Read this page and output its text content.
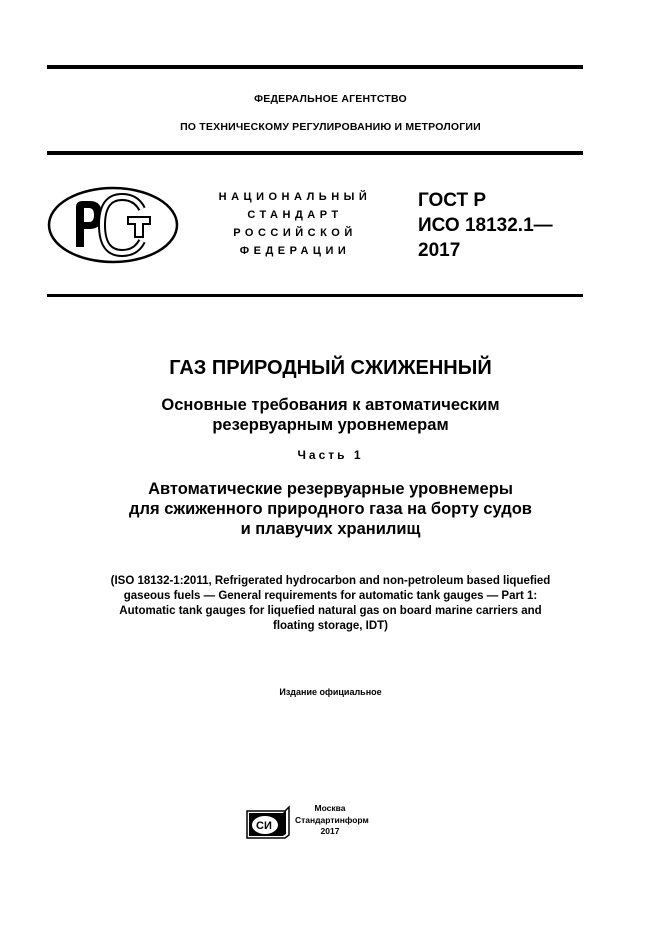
ФЕДЕРАЛЬНОЕ АГЕНТСТВО
ПО ТЕХНИЧЕСКОМУ РЕГУЛИРОВАНИЮ И МЕТРОЛОГИИ
НАЦИОНАЛЬНЫЙ
СТАНДАРТ
РОССИЙСКОЙ
ФЕДЕРАЦИИ
ГОСТ Р
ИСО 18132.1—
2017
ГАЗ ПРИРОДНЫЙ СЖИЖЕННЫЙ
Основные требования к автоматическим
резервуарным уровнемерам
Часть 1
Автоматические резервуарные уровнемеры
для сжиженного природного газа на борту судов
и плавучих хранилищ
(ISO 18132-1:2011, Refrigerated hydrocarbon and non-petroleum based liquefied
gaseous fuels — General requirements for automatic tank gauges — Part 1:
Automatic tank gauges for liquefied natural gas on board marine carriers and
floating storage, IDT)
Издание официальное
СИ
Москва
Стандартинформ
2017
